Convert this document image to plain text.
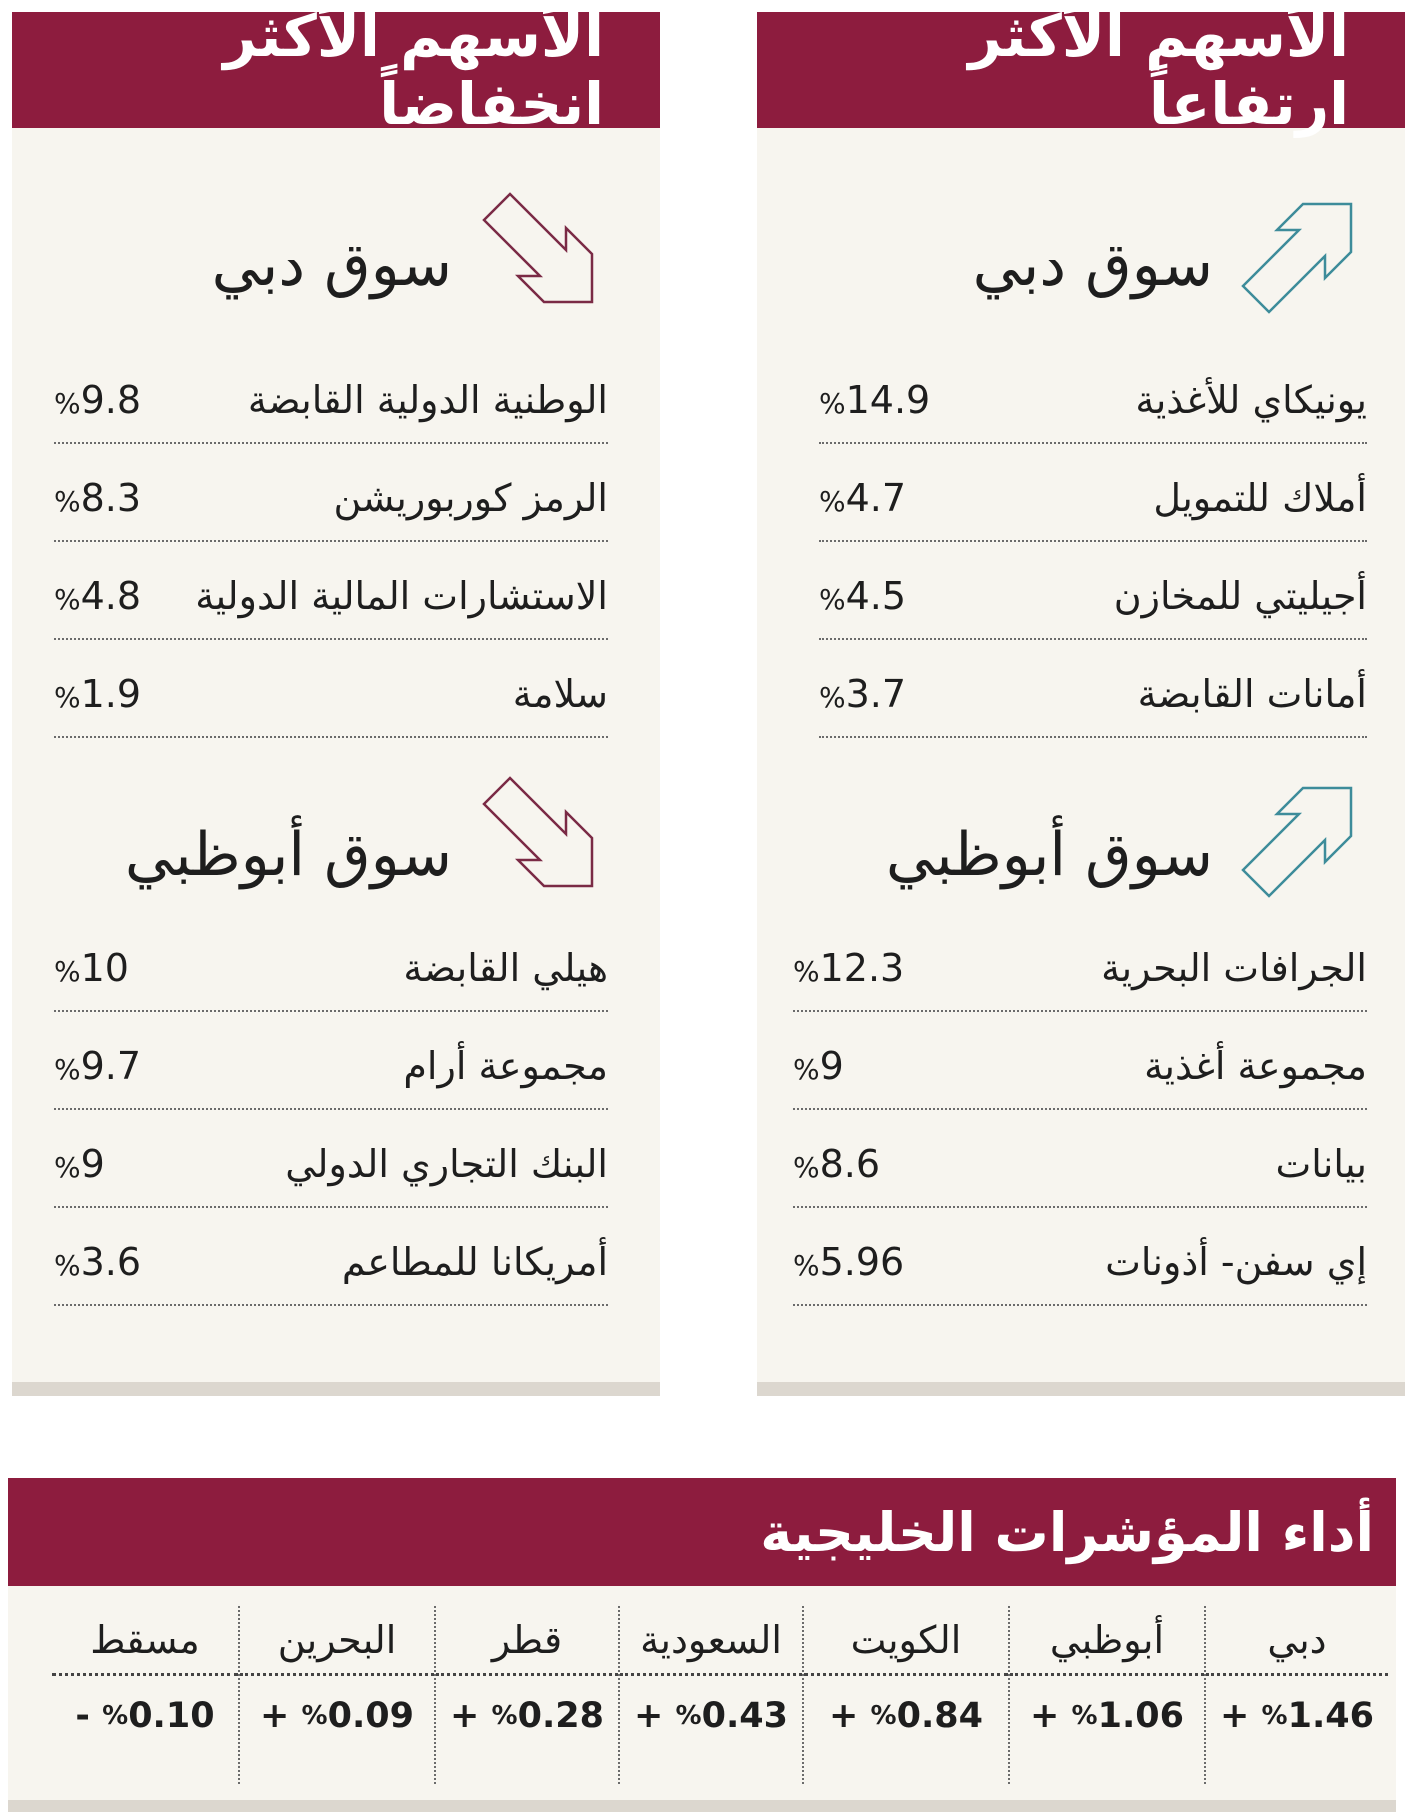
الأسهم الأكثر ارتفاعاً
سوق دبي
يونيكاي للأغذية
%14.9
أملاك للتمويل
%4.7
أجيليتي للمخازن
%4.5
أمانات القابضة
%3.7
سوق أبوظبي
الجرافات البحرية
%12.3
مجموعة أغذية
%9
بيانات
%8.6
إي سفن- أذونات
%5.96
الأسهم الأكثر انخفاضاً
سوق دبي
الوطنية الدولية القابضة
%9.8
الرمز كوربوريشن
%8.3
الاستشارات المالية الدولية
%4.8
سلامة
%1.9
سوق أبوظبي
هيلي القابضة
%10
مجموعة أرام
%9.7
البنك التجاري الدولي
%9
أمريكانا للمطاعم
%3.6
أداء المؤشرات الخليجية
دبي
+
% 1.46
أبوظبي
+
% 1.06
الكويت
+
% 0.84
السعودية
+
% 0.43
قطر
+
% 0.28
البحرين
+
% 0.09
مسقط
-
% 0.10
